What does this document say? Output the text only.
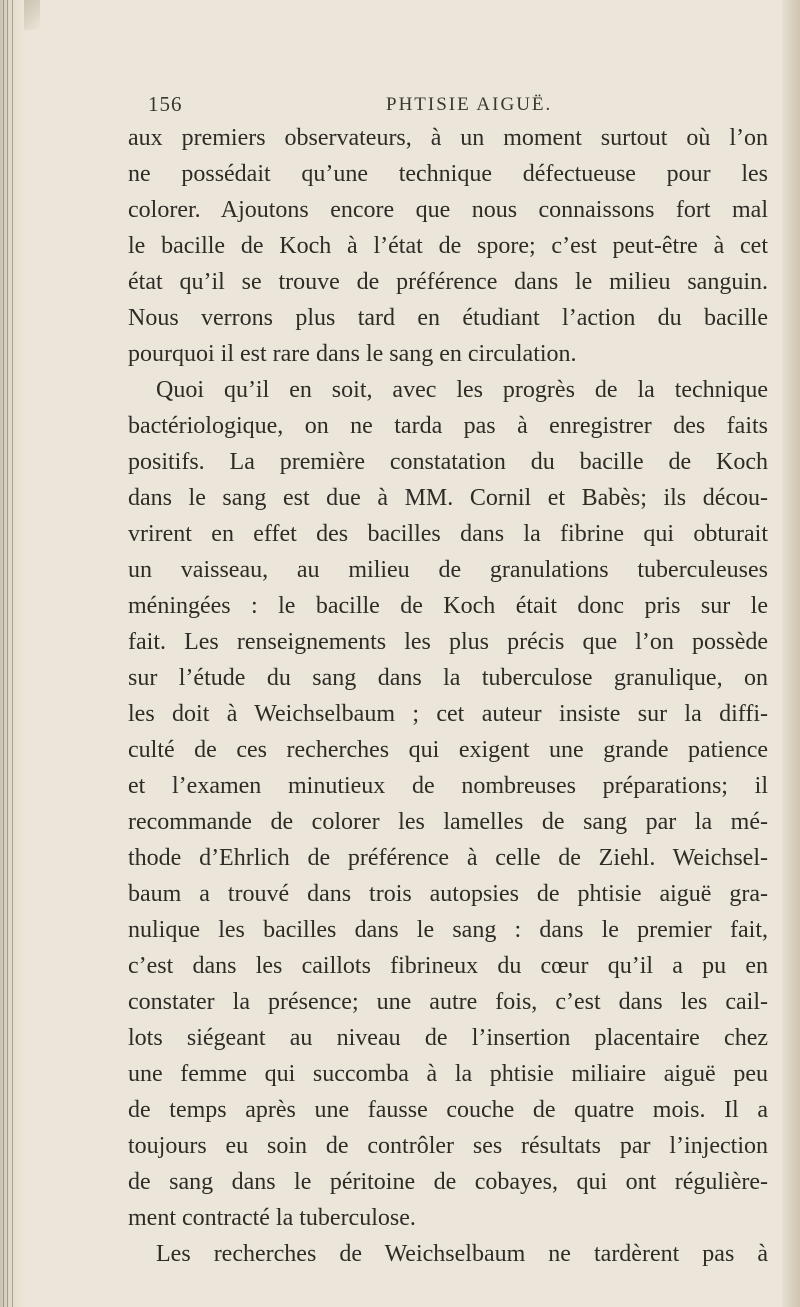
156	PHTISIE AIGUË.
aux premiers observateurs, à un moment surtout où l’on
ne possédait qu’une technique défectueuse pour les
colorer. Ajoutons encore que nous connaissons fort mal
le bacille de Koch à l’état de spore; c’est peut-être à cet
état qu’il se trouve de préférence dans le milieu sanguin.
Nous verrons plus tard en étudiant l’action du bacille
pourquoi il est rare dans le sang en circulation.
Quoi qu’il en soit, avec les progrès de la technique
bactériologique, on ne tarda pas à enregistrer des faits
positifs. La première constatation du bacille de Koch
dans le sang est due à MM. Cornil et Babès; ils décou-
vrirent en effet des bacilles dans la fibrine qui obturait
un vaisseau, au milieu de granulations tuberculeuses
méningées : le bacille de Koch était donc pris sur le
fait. Les renseignements les plus précis que l’on possède
sur l’étude du sang dans la tuberculose granulique, on
les doit à Weichselbaum ; cet auteur insiste sur la diffi-
culté de ces recherches qui exigent une grande patience
et l’examen minutieux de nombreuses préparations; il
recommande de colorer les lamelles de sang par la mé-
thode d’Ehrlich de préférence à celle de Ziehl. Weichsel-
baum a trouvé dans trois autopsies de phtisie aiguë gra-
nulique les bacilles dans le sang : dans le premier fait,
c’est dans les caillots fibrineux du cœur qu’il a pu en
constater la présence; une autre fois, c’est dans les cail-
lots siégeant au niveau de l’insertion placentaire chez
une femme qui succomba à la phtisie miliaire aiguë peu
de temps après une fausse couche de quatre mois. Il a
toujours eu soin de contrôler ses résultats par l’injection
de sang dans le péritoine de cobayes, qui ont régulière-
ment contracté la tuberculose.
Les recherches de Weichselbaum ne tardèrent pas à
